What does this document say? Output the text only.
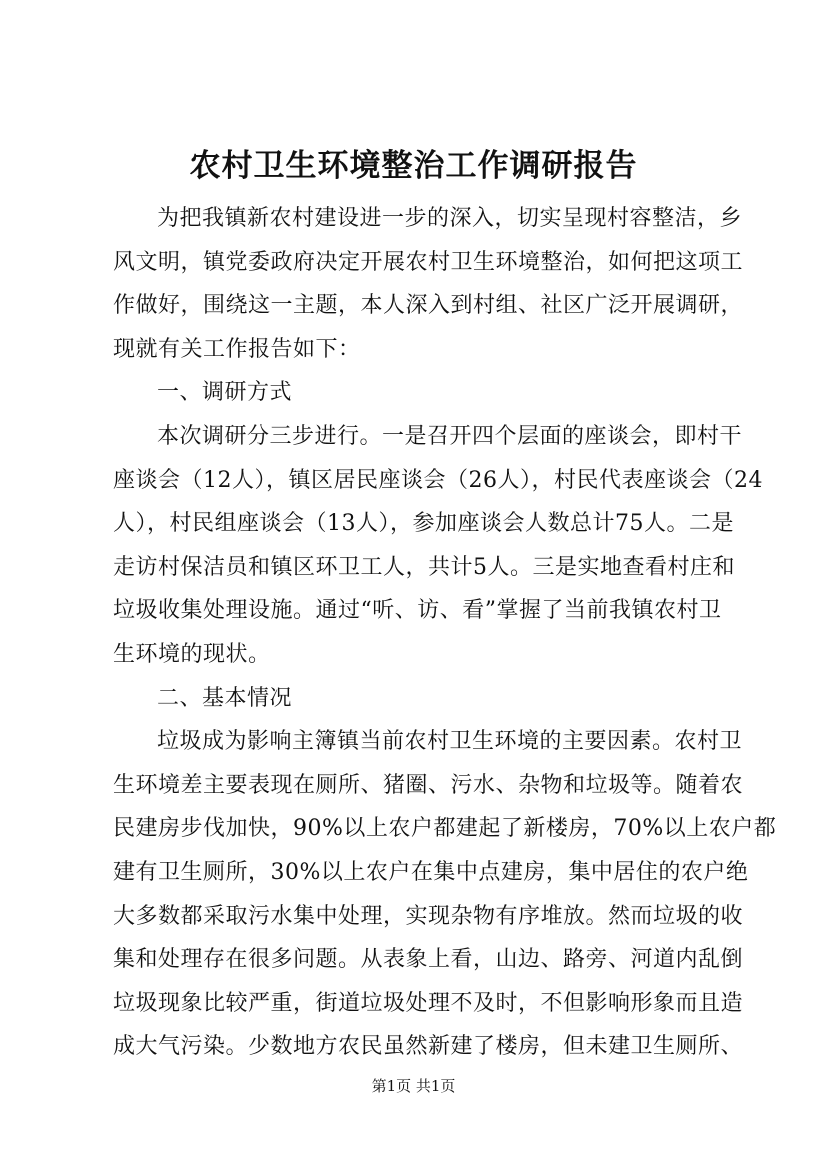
农村卫生环境整治工作调研报告
为把我镇新农村建设进一步的深入，切实呈现村容整洁，乡
风文明，镇党委政府决定开展农村卫生环境整治，如何把这项工
作做好，围绕这一主题，本人深入到村组、社区广泛开展调研，
现就有关工作报告如下：
一、调研方式
本次调研分三步进行。一是召开四个层面的座谈会，即村干
座谈会（12人），镇区居民座谈会（26人），村民代表座谈会（24
人），村民组座谈会（13人），参加座谈会人数总计75人。二是
走访村保洁员和镇区环卫工人，共计5人。三是实地查看村庄和
垃圾收集处理设施。通过“听、访、看”掌握了当前我镇农村卫
生环境的现状。
二、基本情况
垃圾成为影响主簿镇当前农村卫生环境的主要因素。农村卫
生环境差主要表现在厕所、猪圈、污水、杂物和垃圾等。随着农
民建房步伐加快，90%以上农户都建起了新楼房，70%以上农户都
建有卫生厕所，30%以上农户在集中点建房，集中居住的农户绝
大多数都采取污水集中处理，实现杂物有序堆放。然而垃圾的收
集和处理存在很多问题。从表象上看，山边、路旁、河道内乱倒
垃圾现象比较严重，街道垃圾处理不及时，不但影响形象而且造
成大气污染。少数地方农民虽然新建了楼房，但未建卫生厕所、
第1页 共1页
